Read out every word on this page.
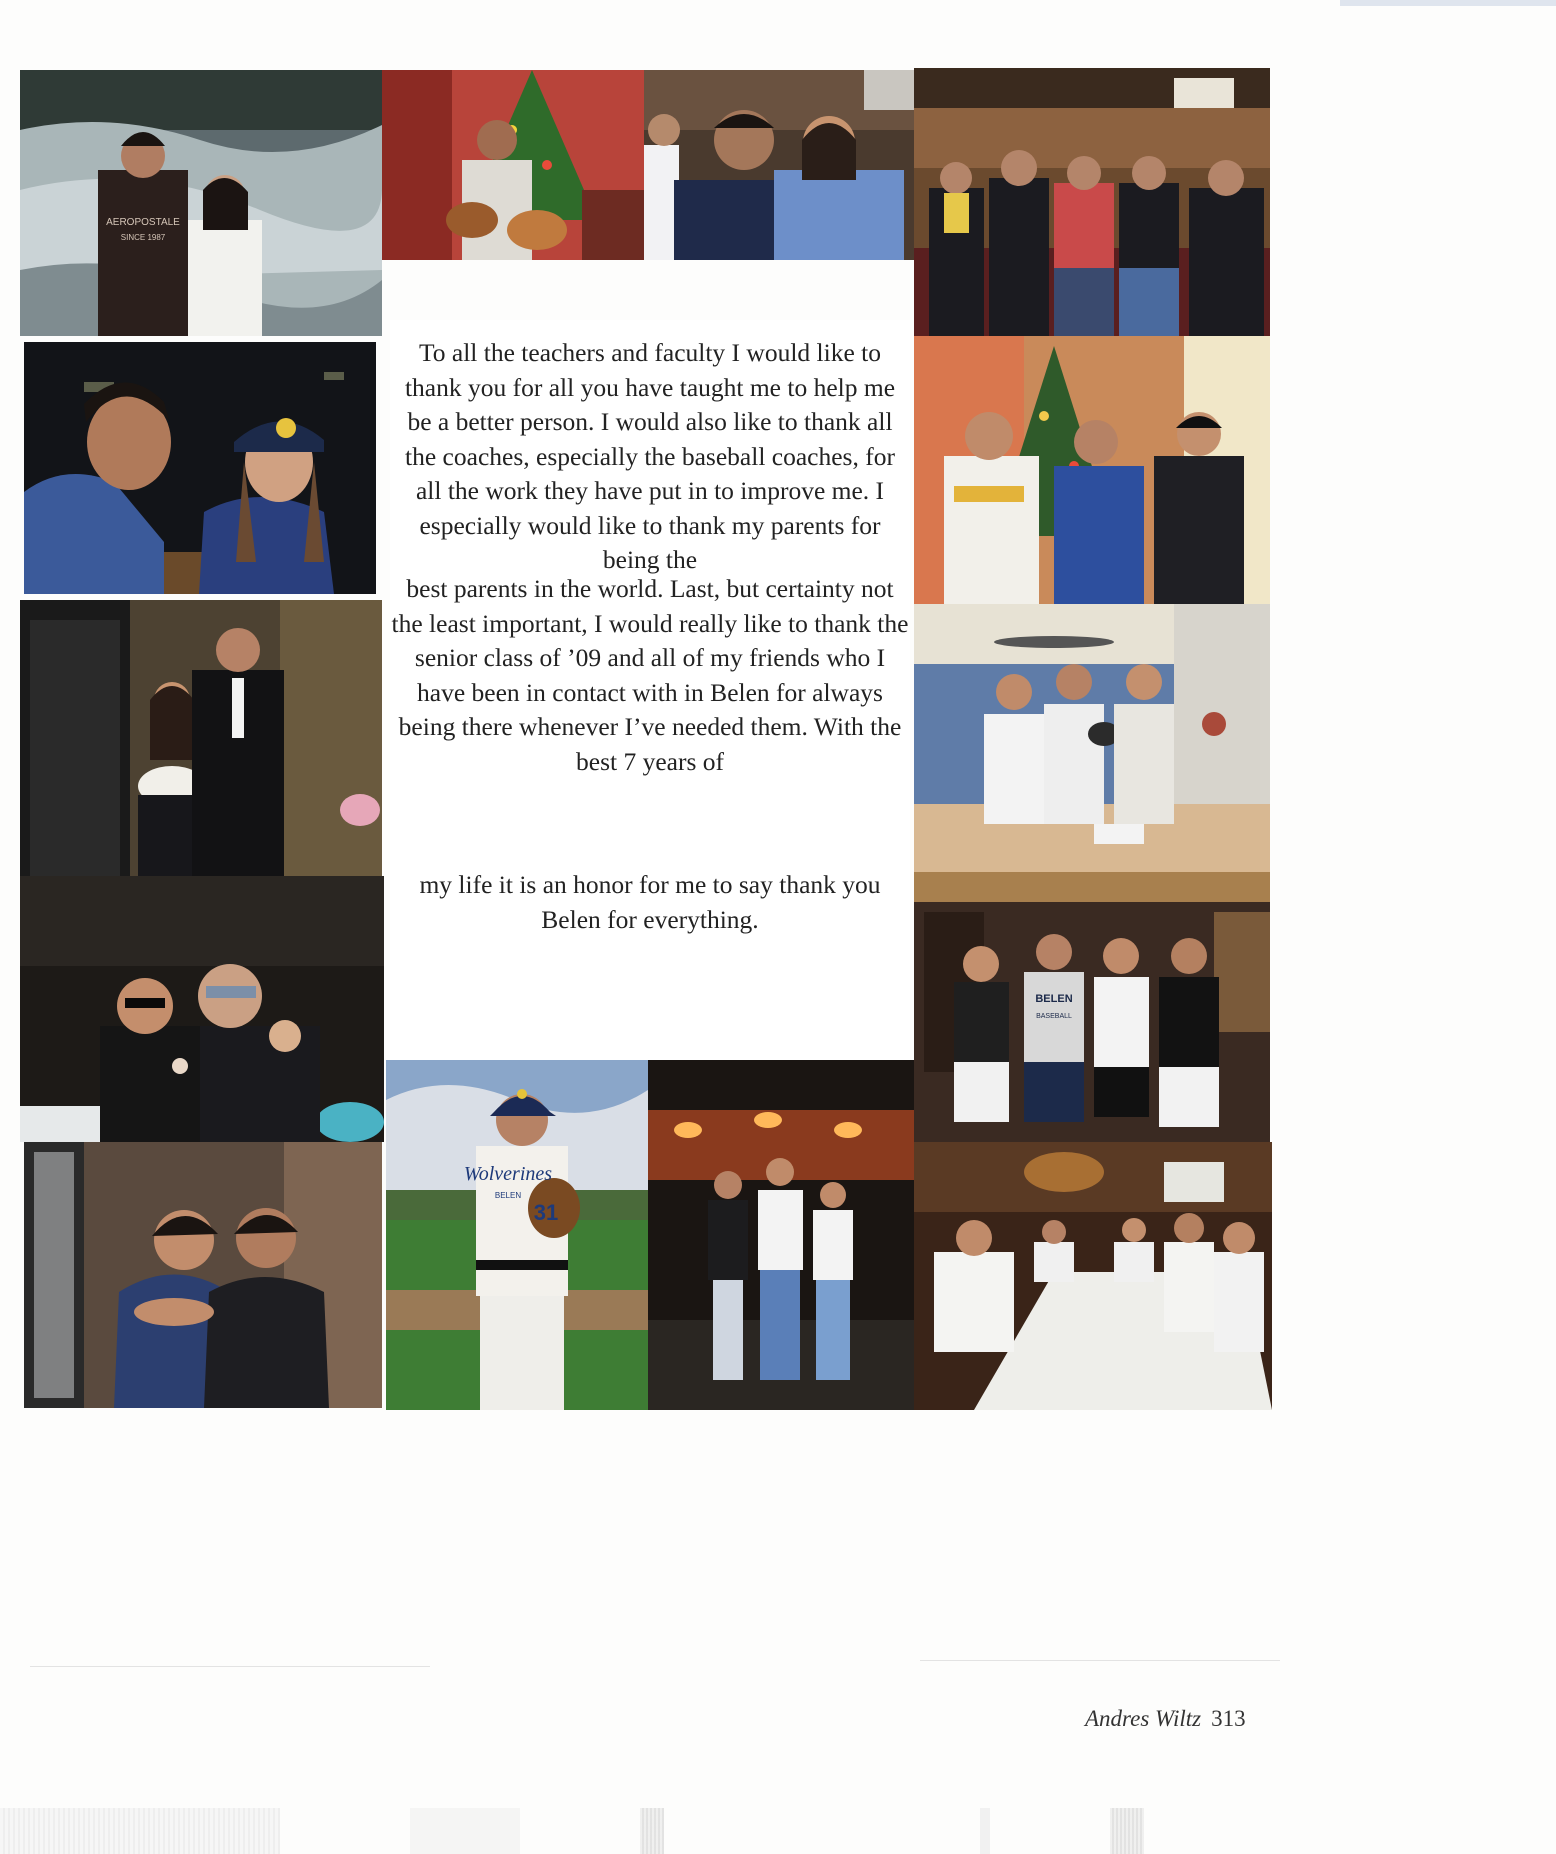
AEROPOSTALE
SINCE 1987
Wolverines
BELEN
31
BELEN
BASEBALL

To all the teachers and faculty I would like to thank you for all you have taught me to help me be a better person. I would also like to thank all the coaches, especially the baseball coaches, for all the work they have put in to improve me. I especially would like to thank my parents for being the

best parents in the world. Last, but certainty not the least important, I would really like to thank the senior class of ’09 and all of my friends who I have been in contact with in Belen for always being there whenever I’ve needed them. With the best 7 years of

my life it is an honor for me to say thank you Belen for everything.

Andres Wiltz 313
